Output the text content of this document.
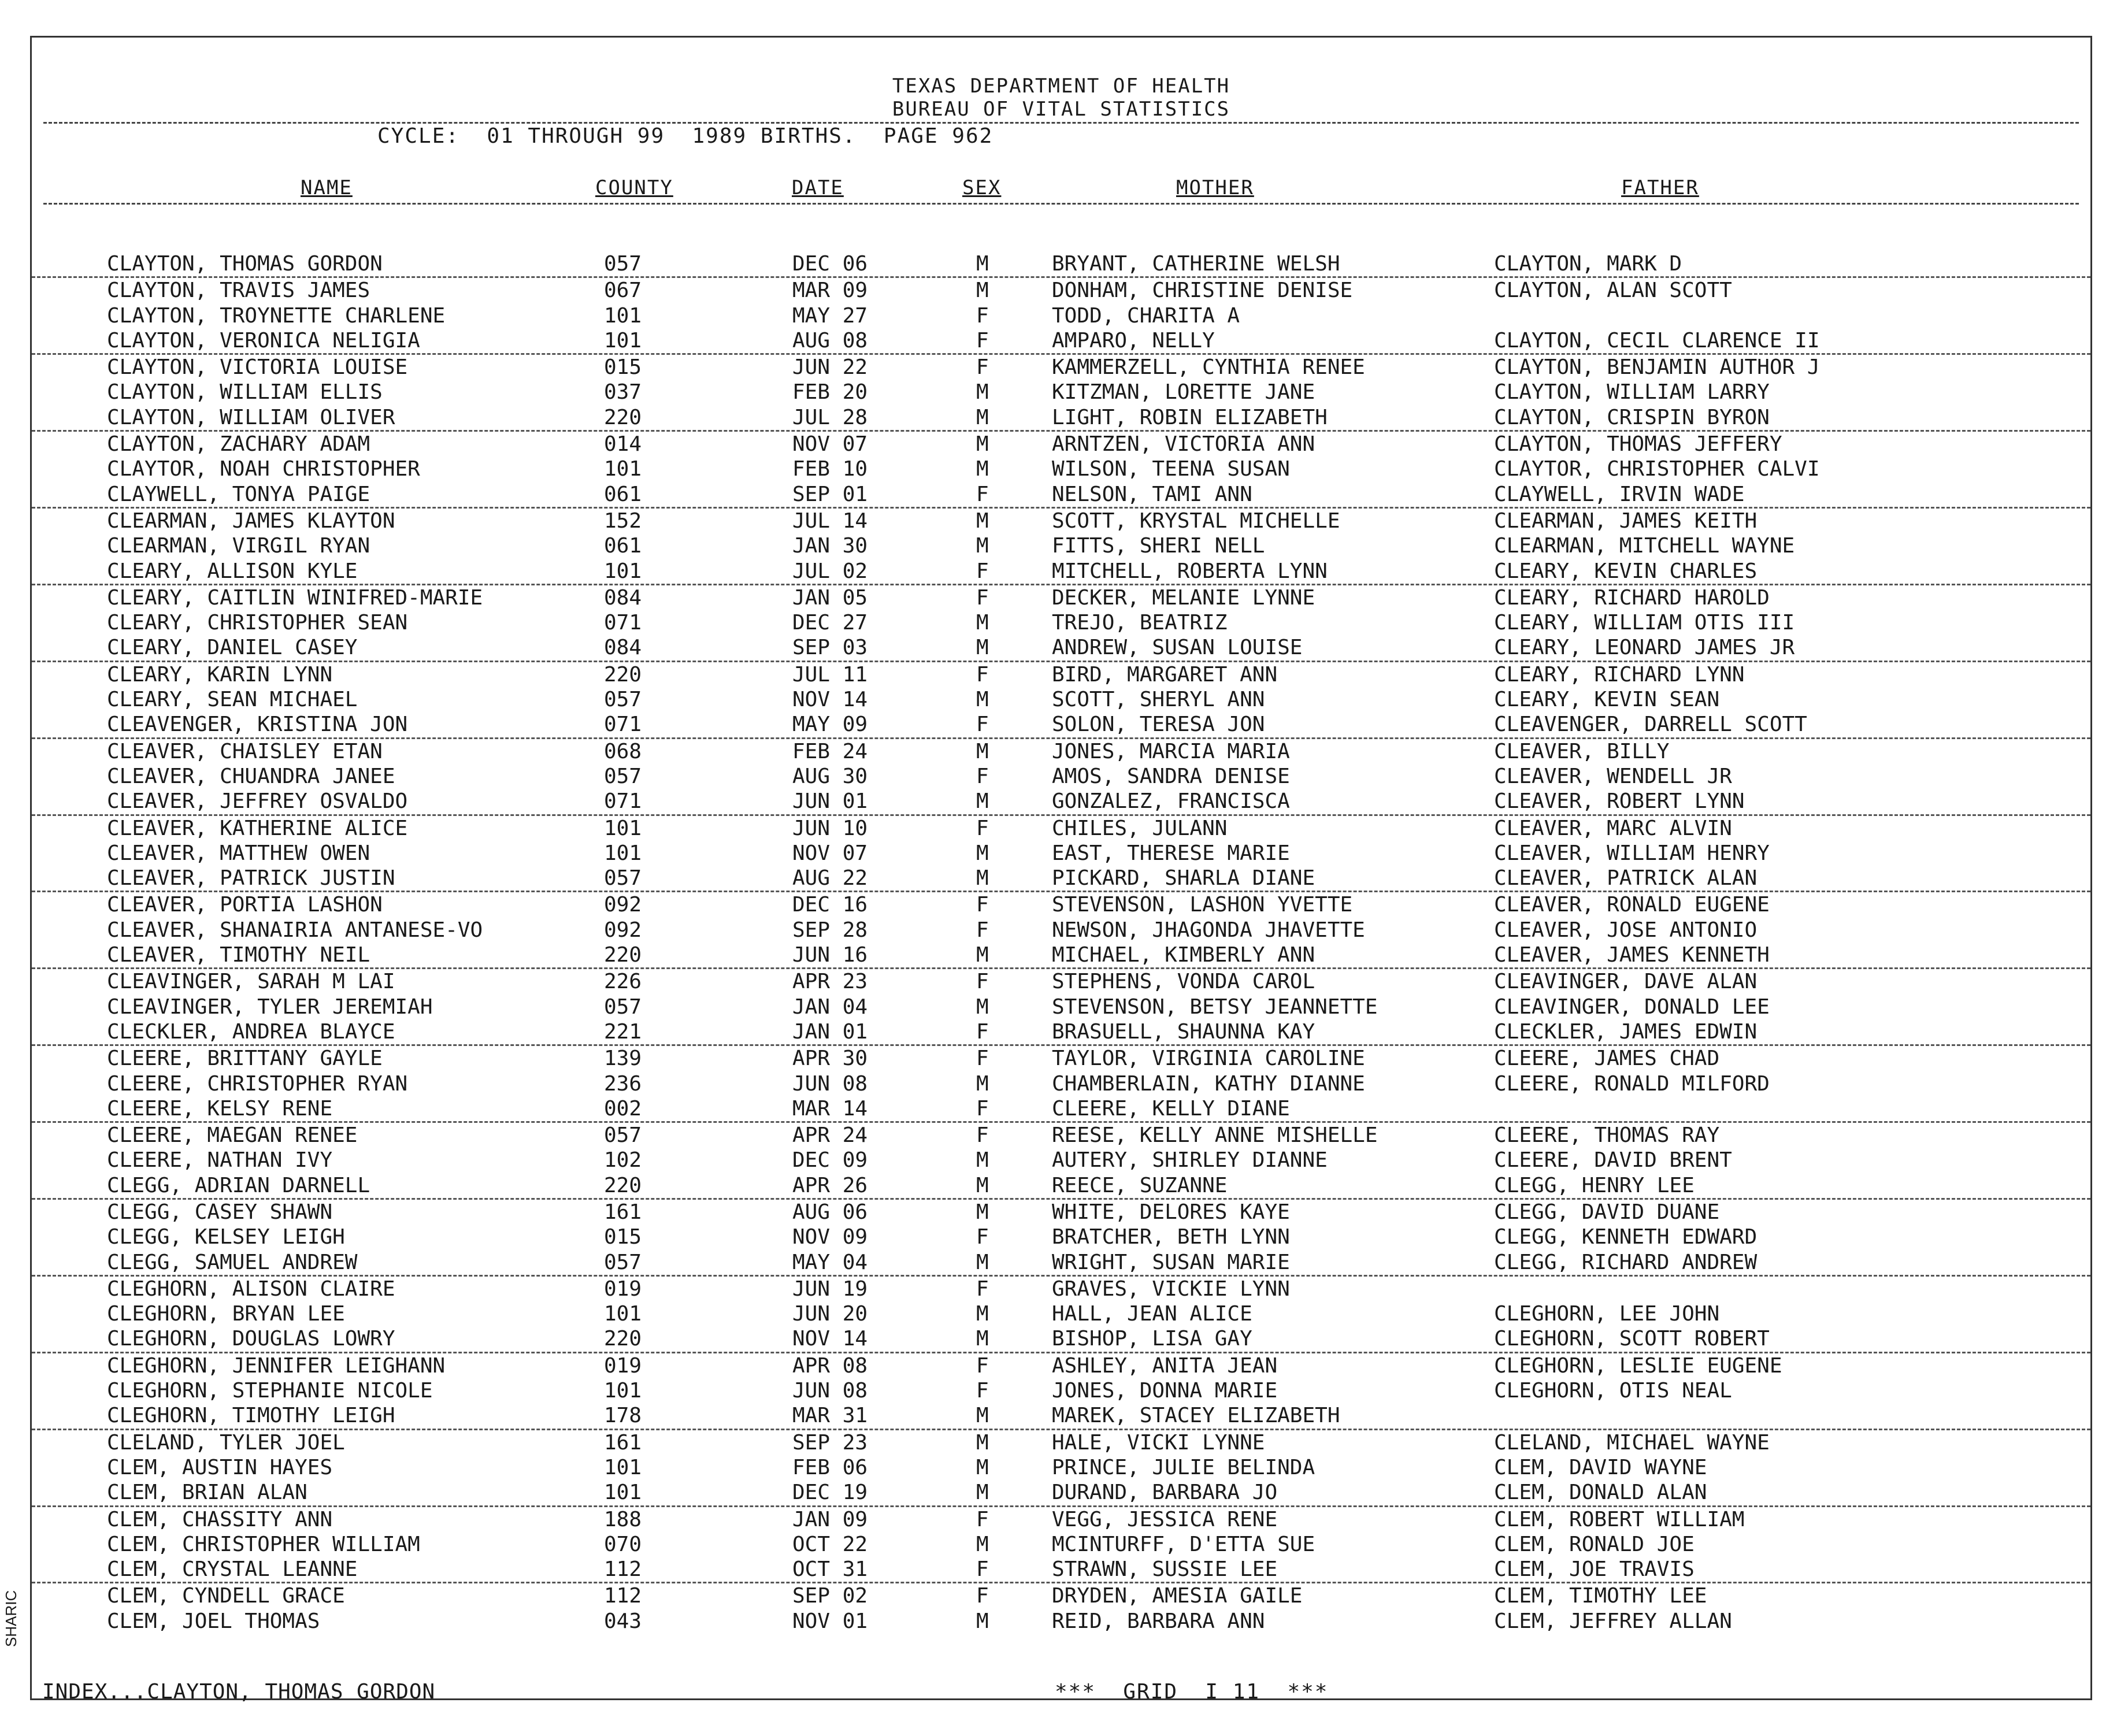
TEXAS DEPARTMENT OF HEALTH
BUREAU OF VITAL STATISTICS
CYCLE:  01 THROUGH 99  1989 BIRTHS.  PAGE 962
NAME	COUNTY	DATE	SEX	MOTHER	FATHER
CLAYTON, THOMAS GORDON	057	DEC 06	M	BRYANT, CATHERINE WELSH	CLAYTON, MARK D
CLAYTON, TRAVIS JAMES	067	MAR 09	M	DONHAM, CHRISTINE DENISE	CLAYTON, ALAN SCOTT
CLAYTON, TROYNETTE CHARLENE	101	MAY 27	F	TODD, CHARITA A
CLAYTON, VERONICA NELIGIA	101	AUG 08	F	AMPARO, NELLY	CLAYTON, CECIL CLARENCE II
CLAYTON, VICTORIA LOUISE	015	JUN 22	F	KAMMERZELL, CYNTHIA RENEE	CLAYTON, BENJAMIN AUTHOR J
CLAYTON, WILLIAM ELLIS	037	FEB 20	M	KITZMAN, LORETTE JANE	CLAYTON, WILLIAM LARRY
CLAYTON, WILLIAM OLIVER	220	JUL 28	M	LIGHT, ROBIN ELIZABETH	CLAYTON, CRISPIN BYRON
CLAYTON, ZACHARY ADAM	014	NOV 07	M	ARNTZEN, VICTORIA ANN	CLAYTON, THOMAS JEFFERY
CLAYTOR, NOAH CHRISTOPHER	101	FEB 10	M	WILSON, TEENA SUSAN	CLAYTOR, CHRISTOPHER CALVI
CLAYWELL, TONYA PAIGE	061	SEP 01	F	NELSON, TAMI ANN	CLAYWELL, IRVIN WADE
CLEARMAN, JAMES KLAYTON	152	JUL 14	M	SCOTT, KRYSTAL MICHELLE	CLEARMAN, JAMES KEITH
CLEARMAN, VIRGIL RYAN	061	JAN 30	M	FITTS, SHERI NELL	CLEARMAN, MITCHELL WAYNE
CLEARY, ALLISON KYLE	101	JUL 02	F	MITCHELL, ROBERTA LYNN	CLEARY, KEVIN CHARLES
CLEARY, CAITLIN WINIFRED-MARIE	084	JAN 05	F	DECKER, MELANIE LYNNE	CLEARY, RICHARD HAROLD
CLEARY, CHRISTOPHER SEAN	071	DEC 27	M	TREJO, BEATRIZ	CLEARY, WILLIAM OTIS III
CLEARY, DANIEL CASEY	084	SEP 03	M	ANDREW, SUSAN LOUISE	CLEARY, LEONARD JAMES JR
CLEARY, KARIN LYNN	220	JUL 11	F	BIRD, MARGARET ANN	CLEARY, RICHARD LYNN
CLEARY, SEAN MICHAEL	057	NOV 14	M	SCOTT, SHERYL ANN	CLEARY, KEVIN SEAN
CLEAVENGER, KRISTINA JON	071	MAY 09	F	SOLON, TERESA JON	CLEAVENGER, DARRELL SCOTT
CLEAVER, CHAISLEY ETAN	068	FEB 24	M	JONES, MARCIA MARIA	CLEAVER, BILLY
CLEAVER, CHUANDRA JANEE	057	AUG 30	F	AMOS, SANDRA DENISE	CLEAVER, WENDELL JR
CLEAVER, JEFFREY OSVALDO	071	JUN 01	M	GONZALEZ, FRANCISCA	CLEAVER, ROBERT LYNN
CLEAVER, KATHERINE ALICE	101	JUN 10	F	CHILES, JULANN	CLEAVER, MARC ALVIN
CLEAVER, MATTHEW OWEN	101	NOV 07	M	EAST, THERESE MARIE	CLEAVER, WILLIAM HENRY
CLEAVER, PATRICK JUSTIN	057	AUG 22	M	PICKARD, SHARLA DIANE	CLEAVER, PATRICK ALAN
CLEAVER, PORTIA LASHON	092	DEC 16	F	STEVENSON, LASHON YVETTE	CLEAVER, RONALD EUGENE
CLEAVER, SHANAIRIA ANTANESE-VO	092	SEP 28	F	NEWSON, JHAGONDA JHAVETTE	CLEAVER, JOSE ANTONIO
CLEAVER, TIMOTHY NEIL	220	JUN 16	M	MICHAEL, KIMBERLY ANN	CLEAVER, JAMES KENNETH
CLEAVINGER, SARAH M LAI	226	APR 23	F	STEPHENS, VONDA CAROL	CLEAVINGER, DAVE ALAN
CLEAVINGER, TYLER JEREMIAH	057	JAN 04	M	STEVENSON, BETSY JEANNETTE	CLEAVINGER, DONALD LEE
CLECKLER, ANDREA BLAYCE	221	JAN 01	F	BRASUELL, SHAUNNA KAY	CLECKLER, JAMES EDWIN
CLEERE, BRITTANY GAYLE	139	APR 30	F	TAYLOR, VIRGINIA CAROLINE	CLEERE, JAMES CHAD
CLEERE, CHRISTOPHER RYAN	236	JUN 08	M	CHAMBERLAIN, KATHY DIANNE	CLEERE, RONALD MILFORD
CLEERE, KELSY RENE	002	MAR 14	F	CLEERE, KELLY DIANE
CLEERE, MAEGAN RENEE	057	APR 24	F	REESE, KELLY ANNE MISHELLE	CLEERE, THOMAS RAY
CLEERE, NATHAN IVY	102	DEC 09	M	AUTERY, SHIRLEY DIANNE	CLEERE, DAVID BRENT
CLEGG, ADRIAN DARNELL	220	APR 26	M	REECE, SUZANNE	CLEGG, HENRY LEE
CLEGG, CASEY SHAWN	161	AUG 06	M	WHITE, DELORES KAYE	CLEGG, DAVID DUANE
CLEGG, KELSEY LEIGH	015	NOV 09	F	BRATCHER, BETH LYNN	CLEGG, KENNETH EDWARD
CLEGG, SAMUEL ANDREW	057	MAY 04	M	WRIGHT, SUSAN MARIE	CLEGG, RICHARD ANDREW
CLEGHORN, ALISON CLAIRE	019	JUN 19	F	GRAVES, VICKIE LYNN
CLEGHORN, BRYAN LEE	101	JUN 20	M	HALL, JEAN ALICE	CLEGHORN, LEE JOHN
CLEGHORN, DOUGLAS LOWRY	220	NOV 14	M	BISHOP, LISA GAY	CLEGHORN, SCOTT ROBERT
CLEGHORN, JENNIFER LEIGHANN	019	APR 08	F	ASHLEY, ANITA JEAN	CLEGHORN, LESLIE EUGENE
CLEGHORN, STEPHANIE NICOLE	101	JUN 08	F	JONES, DONNA MARIE	CLEGHORN, OTIS NEAL
CLEGHORN, TIMOTHY LEIGH	178	MAR 31	M	MAREK, STACEY ELIZABETH
CLELAND, TYLER JOEL	161	SEP 23	M	HALE, VICKI LYNNE	CLELAND, MICHAEL WAYNE
CLEM, AUSTIN HAYES	101	FEB 06	M	PRINCE, JULIE BELINDA	CLEM, DAVID WAYNE
CLEM, BRIAN ALAN	101	DEC 19	M	DURAND, BARBARA JO	CLEM, DONALD ALAN
CLEM, CHASSITY ANN	188	JAN 09	F	VEGG, JESSICA RENE	CLEM, ROBERT WILLIAM
CLEM, CHRISTOPHER WILLIAM	070	OCT 22	M	MCINTURFF, D'ETTA SUE	CLEM, RONALD JOE
CLEM, CRYSTAL LEANNE	112	OCT 31	F	STRAWN, SUSSIE LEE	CLEM, JOE TRAVIS
CLEM, CYNDELL GRACE	112	SEP 02	F	DRYDEN, AMESIA GAILE	CLEM, TIMOTHY LEE
CLEM, JOEL THOMAS	043	NOV 01	M	REID, BARBARA ANN	CLEM, JEFFREY ALLAN
INDEX...CLAYTON, THOMAS GORDON	***  GRID  I 11  ***
SHARIC
